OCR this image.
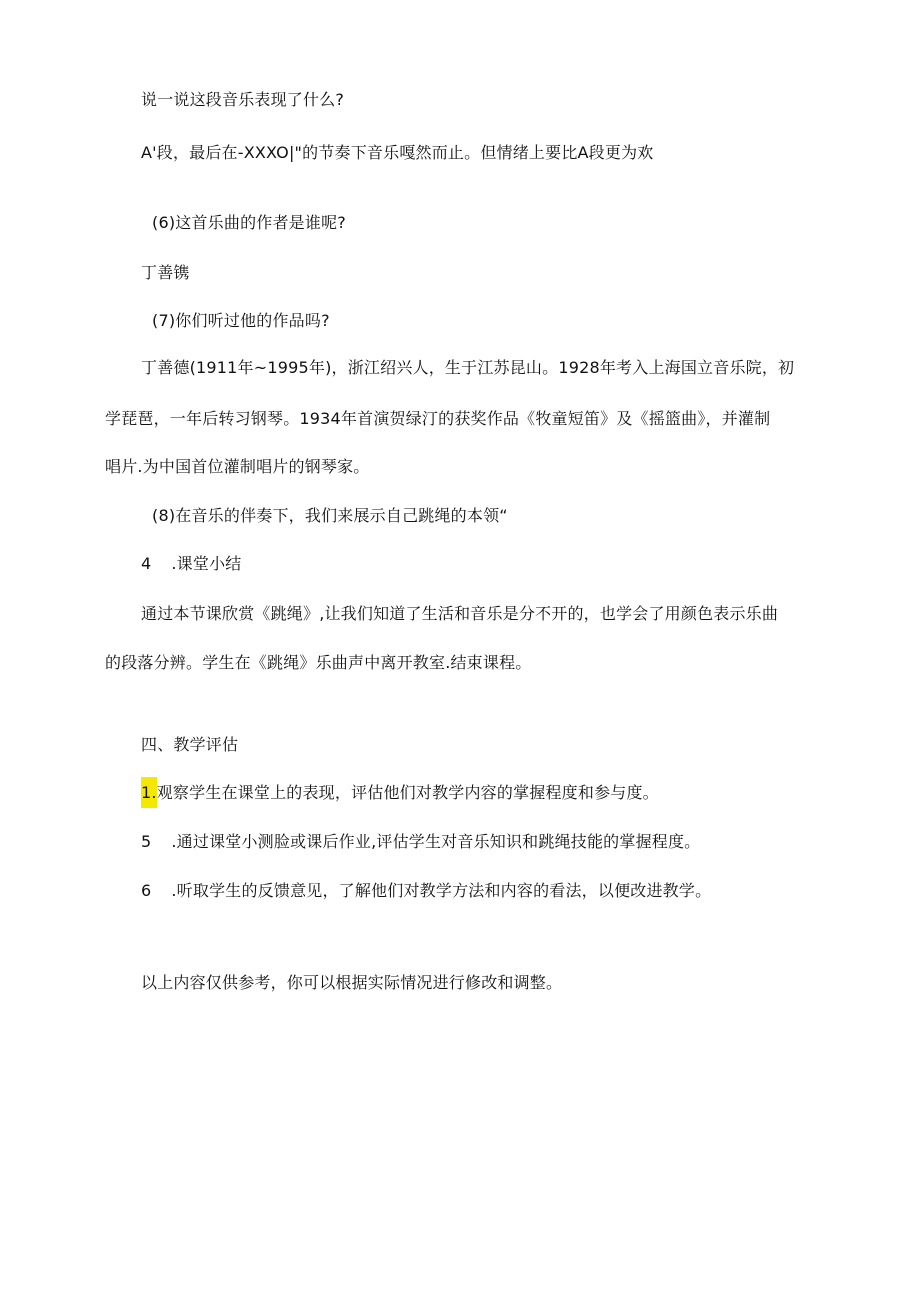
说一说这段音乐表现了什么?
A'段，最后在-XXXO|"的节奏下音乐嘎然而止。但情绪上要比A段更为欢
(6)这首乐曲的作者是谁呢?
丁善镌
(7)你们听过他的作品吗?
丁善德(1911年~1995年)，浙江绍兴人，生于江苏昆山。1928年考入上海国立音乐院，初
学琵琶，一年后转习钢琴。1934年首演贺绿汀的获奖作品《牧童短笛》及《摇篮曲》，并灌制
唱片.为中国首位灌制唱片的钢琴家。
(8)在音乐的伴奏下，我们来展示自己跳绳的本领“
4 .课堂小结
通过本节课欣赏《跳绳》,让我们知道了生活和音乐是分不开的，也学会了用颜色表示乐曲
的段落分辨。学生在《跳绳》乐曲声中离开教室.结束课程。
四、教学评估
1.观察学生在课堂上的表现，评估他们对教学内容的掌握程度和参与度。
5 .通过课堂小测脸或课后作业,评估学生对音乐知识和跳绳技能的掌握程度。
6 .听取学生的反馈意见，了解他们对教学方法和内容的看法，以便改进教学。
以上内容仅供参考，你可以根据实际情况进行修改和调整。
